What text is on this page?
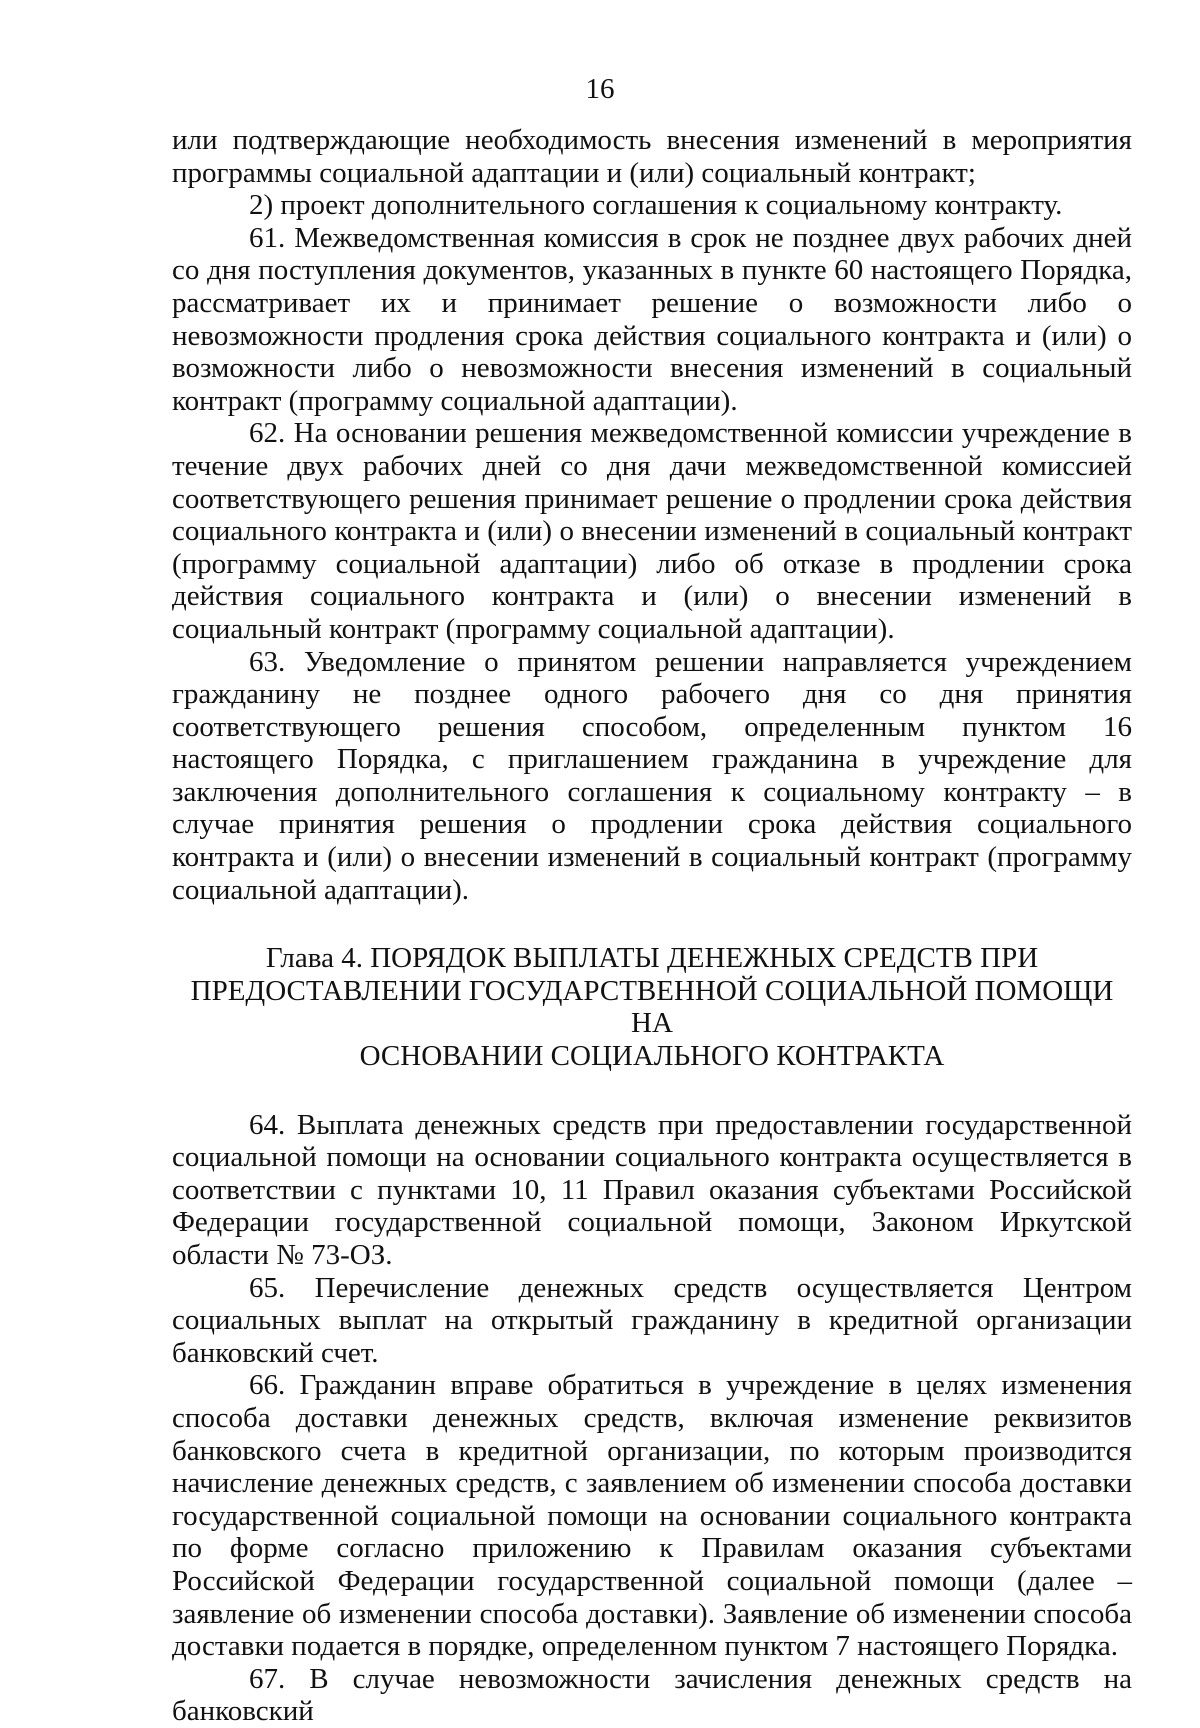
16

или подтверждающие необходимость внесения изменений в мероприятия программы социальной адаптации и (или) социальный контракт;

2) проект дополнительного соглашения к социальному контракту.

61. Межведомственная комиссия в срок не позднее двух рабочих дней со дня поступления документов, указанных в пункте 60 настоящего Порядка, рассматривает их и принимает решение о возможности либо о невозможности продления срока действия социального контракта и (или) о возможности либо о невозможности внесения изменений в социальный контракт (программу социальной адаптации).

62. На основании решения межведомственной комиссии учреждение в течение двух рабочих дней со дня дачи межведомственной комиссией соответствующего решения принимает решение о продлении срока действия социального контракта и (или) о внесении изменений в социальный контракт (программу социальной адаптации) либо об отказе в продлении срока действия социального контракта и (или) о внесении изменений в социальный контракт (программу социальной адаптации).

63. Уведомление о принятом решении направляется учреждением гражданину не позднее одного рабочего дня со дня принятия соответствующего решения способом, определенным пунктом 16 настоящего Порядка, с приглашением гражданина в учреждение для заключения дополнительного соглашения к социальному контракту – в случае принятия решения о продлении срока действия социального контракта и (или) о внесении изменений в социальный контракт (программу социальной адаптации).

Глава 4. ПОРЯДОК ВЫПЛАТЫ ДЕНЕЖНЫХ СРЕДСТВ ПРИ
ПРЕДОСТАВЛЕНИИ ГОСУДАРСТВЕННОЙ СОЦИАЛЬНОЙ ПОМОЩИ НА
ОСНОВАНИИ СОЦИАЛЬНОГО КОНТРАКТА

64. Выплата денежных средств при предоставлении государственной социальной помощи на основании социального контракта осуществляется в соответствии с пунктами 10, 11 Правил оказания субъектами Российской Федерации государственной социальной помощи, Законом Иркутской области № 73-ОЗ.

65. Перечисление денежных средств осуществляется Центром социальных выплат на открытый гражданину в кредитной организации банковский счет.

66. Гражданин вправе обратиться в учреждение в целях изменения способа доставки денежных средств, включая изменение реквизитов банковского счета в кредитной организации, по которым производится начисление денежных средств, с заявлением об изменении способа доставки государственной социальной помощи на основании социального контракта по форме согласно приложению к Правилам оказания субъектами Российской Федерации государственной социальной помощи (далее – заявление об изменении способа доставки). Заявление об изменении способа доставки подается в порядке, определенном пунктом 7 настоящего Порядка.

67. В случае невозможности зачисления денежных средств на банковский
